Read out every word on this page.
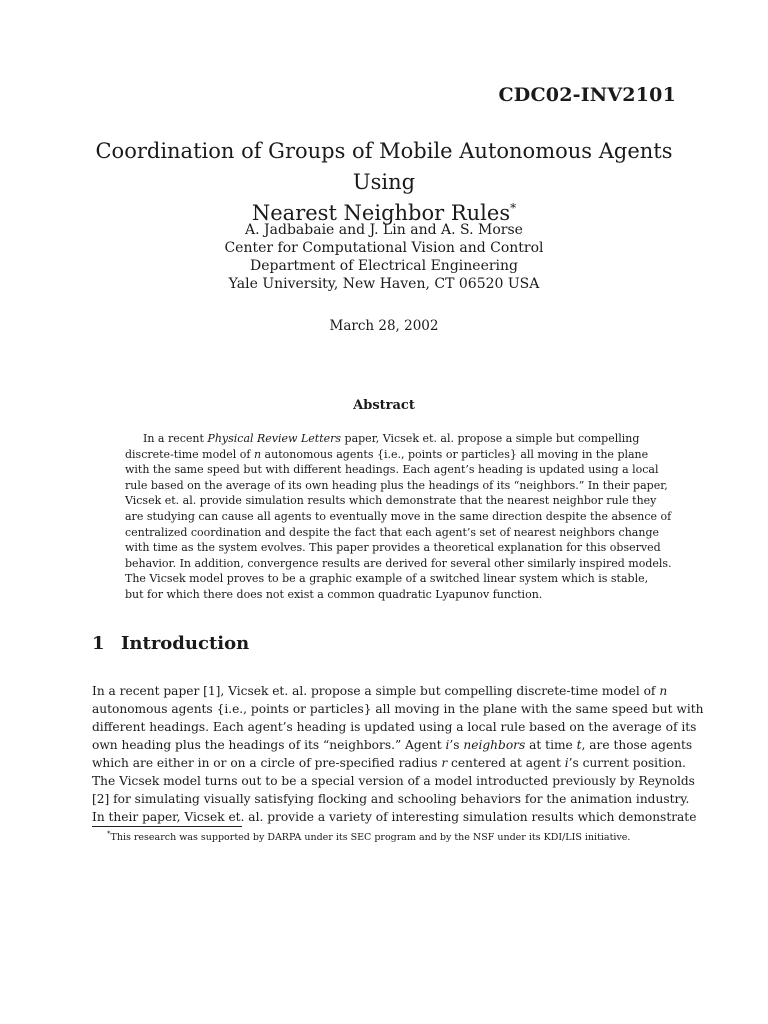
CDC02-INV2101
Coordination of Groups of Mobile Autonomous Agents Using
Nearest Neighbor Rules*
A. Jadbabaie and J. Lin and A. S. Morse
Center for Computational Vision and Control
Department of Electrical Engineering
Yale University, New Haven, CT 06520 USA
March 28, 2002
Abstract
In a recent Physical Review Letters paper, Vicsek et. al. propose a simple but compelling
discrete-time model of n autonomous agents {i.e., points or particles} all moving in the plane
with the same speed but with different headings. Each agent’s heading is updated using a local
rule based on the average of its own heading plus the headings of its “neighbors.” In their paper,
Vicsek et. al. provide simulation results which demonstrate that the nearest neighbor rule they
are studying can cause all agents to eventually move in the same direction despite the absence of
centralized coordination and despite the fact that each agent’s set of nearest neighbors change
with time as the system evolves. This paper provides a theoretical explanation for this observed
behavior. In addition, convergence results are derived for several other similarly inspired models.
The Vicsek model proves to be a graphic example of a switched linear system which is stable,
but for which there does not exist a common quadratic Lyapunov function.
1 Introduction
In a recent paper [1], Vicsek et. al. propose a simple but compelling discrete-time model of n
autonomous agents {i.e., points or particles} all moving in the plane with the same speed but with
different headings. Each agent’s heading is updated using a local rule based on the average of its
own heading plus the headings of its “neighbors.” Agent i’s neighbors at time t, are those agents
which are either in or on a circle of pre-specified radius r centered at agent i’s current position.
The Vicsek model turns out to be a special version of a model introducted previously by Reynolds
[2] for simulating visually satisfying flocking and schooling behaviors for the animation industry.
In their paper, Vicsek et. al. provide a variety of interesting simulation results which demonstrate
*This research was supported by DARPA under its SEC program and by the NSF under its KDI/LIS initiative.
